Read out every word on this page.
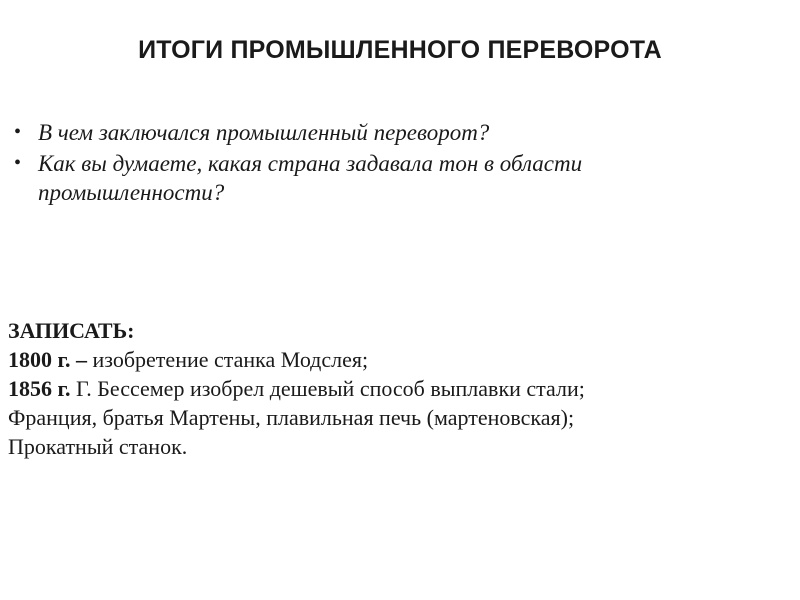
ИТОГИ ПРОМЫШЛЕННОГО ПЕРЕВОРОТА
• В чем заключался промышленный переворот?
• Как вы думаете, какая страна задавала тон в области промышленности?
ЗАПИСАТЬ:
1800 г. – изобретение станка Модслея;
1856 г. Г. Бессемер изобрел дешевый способ выплавки стали;
Франция, братья Мартены, плавильная печь (мартеновская);
Прокатный станок.
